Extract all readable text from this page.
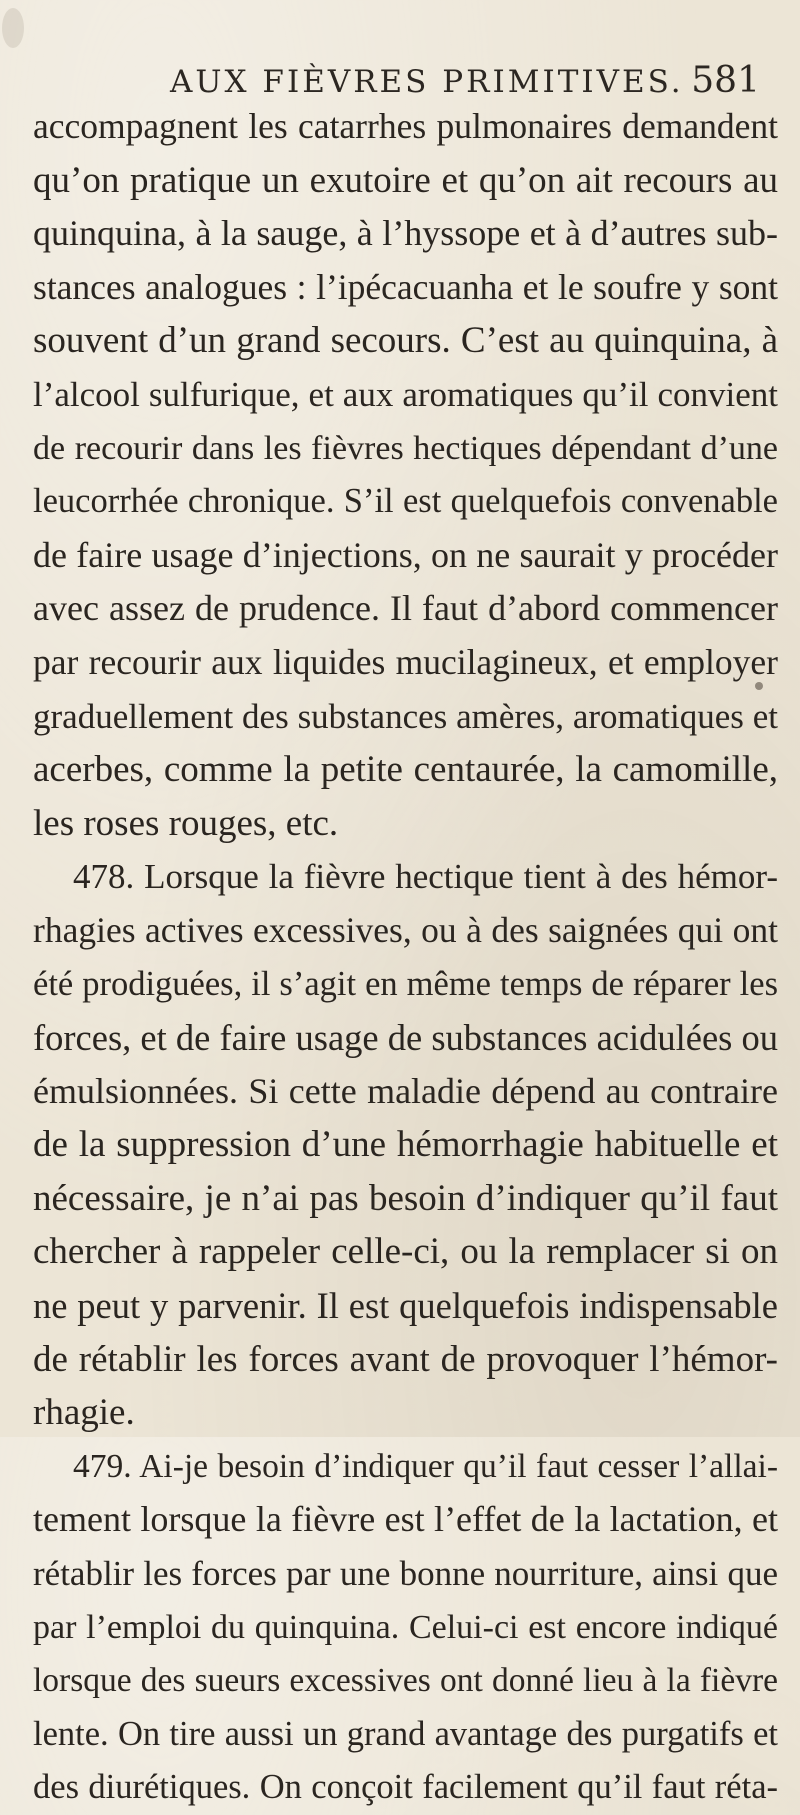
AUX FIÈVRES PRIMITIVES. 581
accompagnent les catarrhes pulmonaires demandent
qu’on pratique un exutoire et qu’on ait recours au
quinquina, à la sauge, à l’hyssope et à d’autres sub-
stances analogues : l’ipécacuanha et le soufre y sont
souvent d’un grand secours. C’est au quinquina, à
l’alcool sulfurique, et aux aromatiques qu’il convient
de recourir dans les fièvres hectiques dépendant d’une
leucorrhée chronique. S’il est quelquefois convenable
de faire usage d’injections, on ne saurait y procéder
avec assez de prudence. Il faut d’abord commencer
par recourir aux liquides mucilagineux, et employer
graduellement des substances amères, aromatiques et
acerbes, comme la petite centaurée, la camomille,
les roses rouges, etc.
478. Lorsque la fièvre hectique tient à des hémor-
rhagies actives excessives, ou à des saignées qui ont
été prodiguées, il s’agit en même temps de réparer les
forces, et de faire usage de substances acidulées ou
émulsionnées. Si cette maladie dépend au contraire
de la suppression d’une hémorrhagie habituelle et
nécessaire, je n’ai pas besoin d’indiquer qu’il faut
chercher à rappeler celle-ci, ou la remplacer si on
ne peut y parvenir. Il est quelquefois indispensable
de rétablir les forces avant de provoquer l’hémor-
rhagie.
479. Ai-je besoin d’indiquer qu’il faut cesser l’allai-
tement lorsque la fièvre est l’effet de la lactation, et
rétablir les forces par une bonne nourriture, ainsi que
par l’emploi du quinquina. Celui-ci est encore indiqué
lorsque des sueurs excessives ont donné lieu à la fièvre
lente. On tire aussi un grand avantage des purgatifs et
des diurétiques. On conçoit facilement qu’il faut réta-
